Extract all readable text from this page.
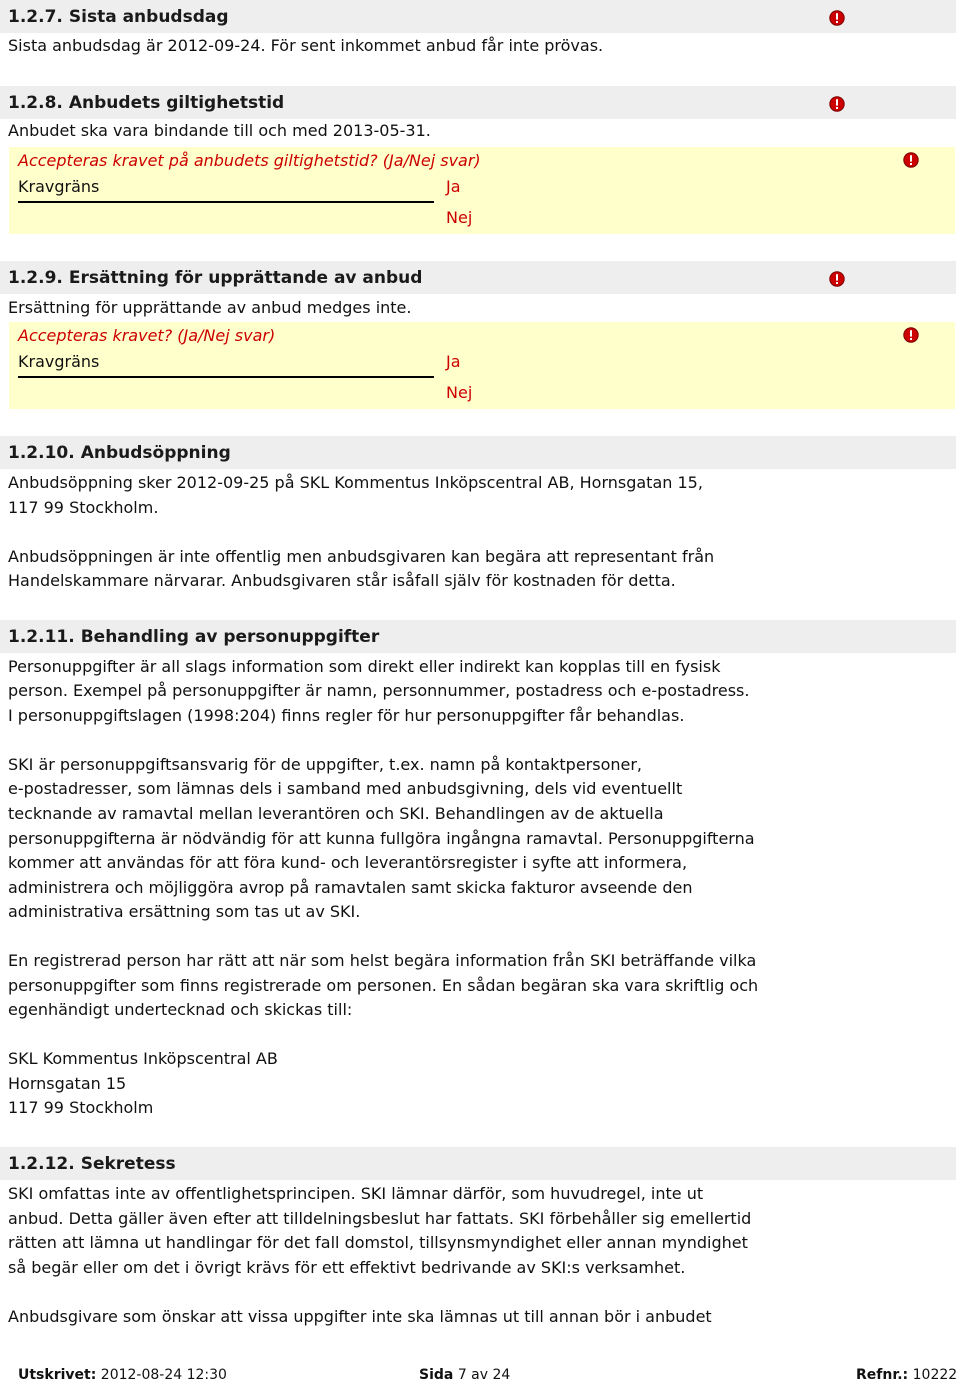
1.2.7. Sista anbudsdag

Sista anbudsdag är 2012-09-24. För sent inkommet anbud får inte prövas.

1.2.8. Anbudets giltighetstid

Anbudet ska vara bindande till och med 2013-05-31.

Accepteras kravet på anbudets giltighetstid? (Ja/Nej svar)
Kravgräns	Ja
Nej
1.2.9. Ersättning för upprättande av anbud

Ersättning för upprättande av anbud medges inte.

Accepteras kravet? (Ja/Nej svar)
Kravgräns	Ja
Nej
1.2.10. Anbudsöppning

Anbudsöppning sker 2012-09-25 på SKL Kommentus Inköpscentral AB, Hornsgatan 15,

117 99 Stockholm.

Anbudsöppningen är inte offentlig men anbudsgivaren kan begära att representant från

Handelskammare närvarar. Anbudsgivaren står isåfall själv för kostnaden för detta.

1.2.11. Behandling av personuppgifter

Personuppgifter är all slags information som direkt eller indirekt kan kopplas till en fysisk

person. Exempel på personuppgifter är namn, personnummer, postadress och e-postadress.

I personuppgiftslagen (1998:204) finns regler för hur personuppgifter får behandlas.

SKI är personuppgiftsansvarig för de uppgifter, t.ex. namn på kontaktpersoner,

e-postadresser, som lämnas dels i samband med anbudsgivning, dels vid eventuellt

tecknande av ramavtal mellan leverantören och SKI. Behandlingen av de aktuella

personuppgifterna är nödvändig för att kunna fullgöra ingångna ramavtal. Personuppgifterna

kommer att användas för att föra kund- och leverantörsregister i syfte att informera,

administrera och möjliggöra avrop på ramavtalen samt skicka fakturor avseende den

administrativa ersättning som tas ut av SKI.

En registrerad person har rätt att när som helst begära information från SKI beträffande vilka

personuppgifter som finns registrerade om personen. En sådan begäran ska vara skriftlig och

egenhändigt undertecknad och skickas till:

SKL Kommentus Inköpscentral AB

Hornsgatan 15

117 99 Stockholm

1.2.12. Sekretess

SKI omfattas inte av offentlighetsprincipen. SKI lämnar därför, som huvudregel, inte ut

anbud. Detta gäller även efter att tilldelningsbeslut har fattats. SKI förbehåller sig emellertid

rätten att lämna ut handlingar för det fall domstol, tillsynsmyndighet eller annan myndighet

så begär eller om det i övrigt krävs för ett effektivt bedrivande av SKI:s verksamhet.

Anbudsgivare som önskar att vissa uppgifter inte ska lämnas ut till annan bör i anbudet

Utskrivet: 2012-08-24 12:30	Sida 7 av 24	Refnr.: 10222
